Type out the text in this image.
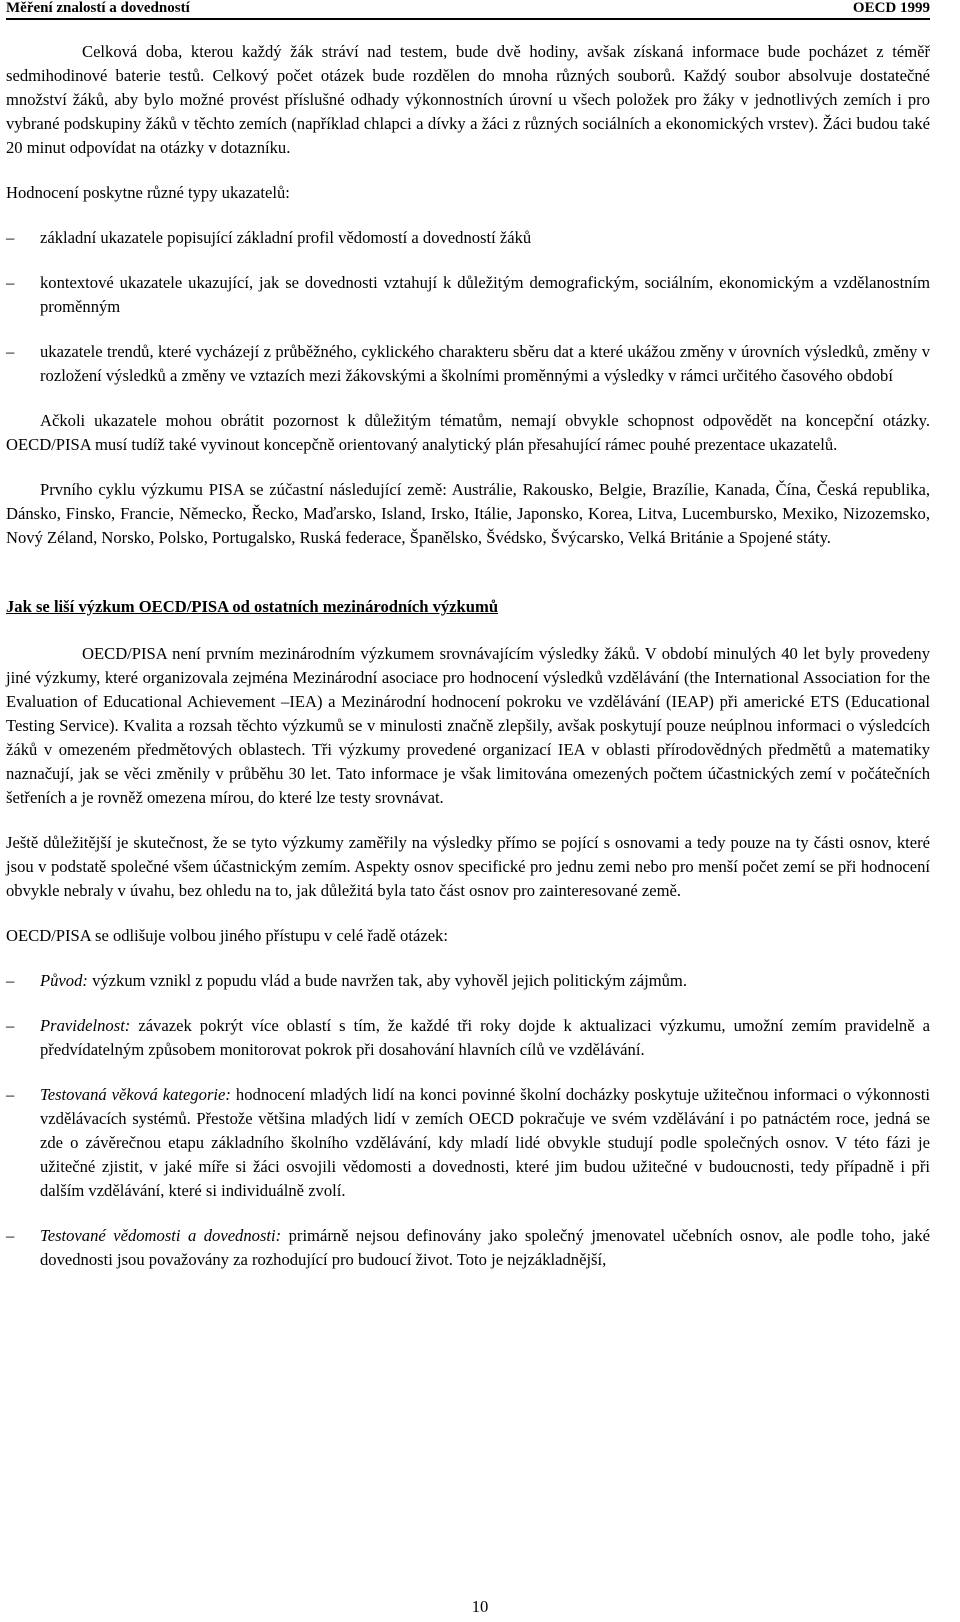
Měření znalostí a dovedností	OECD 1999

Celková doba, kterou každý žák stráví nad testem, bude dvě hodiny, avšak získaná informace bude pocházet z téměř sedmihodinové baterie testů. Celkový počet otázek bude rozdělen do mnoha různých souborů. Každý soubor absolvuje dostatečné množství žáků, aby bylo možné provést příslušné odhady výkonnostních úrovní u všech položek pro žáky v jednotlivých zemích i pro vybrané podskupiny žáků v těchto zemích (například chlapci a dívky a žáci z různých sociálních a ekonomických vrstev). Žáci budou také 20 minut odpovídat na otázky v dotazníku.

Hodnocení poskytne různé typy ukazatelů:

–	základní ukazatele popisující základní profil vědomostí a dovedností žáků
–	kontextové ukazatele ukazující, jak se dovednosti vztahují k důležitým demografickým, sociálním, ekonomickým a vzdělanostním proměnným
–	ukazatele trendů, které vycházejí z průběžného, cyklického charakteru sběru dat a které ukážou změny v úrovních výsledků, změny v rozložení výsledků a změny ve vztazích mezi žákovskými a školními proměnnými a výsledky v rámci určitého časového období

Ačkoli ukazatele mohou obrátit pozornost k důležitým tématům, nemají obvykle schopnost odpovědět na koncepční otázky. OECD/PISA musí tudíž také vyvinout koncepčně orientovaný analytický plán přesahující rámec pouhé prezentace ukazatelů.

Prvního cyklu výzkumu PISA se zúčastní následující země: Austrálie, Rakousko, Belgie, Brazílie, Kanada, Čína, Česká republika, Dánsko, Finsko, Francie, Německo, Řecko, Maďarsko, Island, Irsko, Itálie, Japonsko, Korea, Litva, Lucembursko, Mexiko, Nizozemsko, Nový Zéland, Norsko, Polsko, Portugalsko, Ruská federace, Španělsko, Švédsko, Švýcarsko, Velká Británie a Spojené státy.

Jak se liší výzkum OECD/PISA od ostatních mezinárodních výzkumů

OECD/PISA není prvním mezinárodním výzkumem srovnávajícím výsledky žáků. V období minulých 40 let byly provedeny jiné výzkumy, které organizovala zejména Mezinárodní asociace pro hodnocení výsledků vzdělávání (the International Association for the Evaluation of Educational Achievement –IEA) a Mezinárodní hodnocení pokroku ve vzdělávání (IEAP) při americké ETS (Educational Testing Service). Kvalita a rozsah těchto výzkumů se v minulosti značně zlepšily, avšak poskytují pouze neúplnou informaci o výsledcích žáků v omezeném předmětových oblastech. Tři výzkumy provedené organizací IEA v oblasti přírodovědných předmětů a matematiky naznačují, jak se věci změnily v průběhu 30 let. Tato informace je však limitována omezených počtem účastnických zemí v počátečních šetřeních a je rovněž omezena mírou, do které lze testy srovnávat.

Ještě důležitější je skutečnost, že se tyto výzkumy zaměřily na výsledky přímo se pojící s osnovami a tedy pouze na ty části osnov, které jsou v podstatě společné všem účastnickým zemím. Aspekty osnov specifické pro jednu zemi nebo pro menší počet zemí se při hodnocení obvykle nebraly v úvahu, bez ohledu na to, jak důležitá byla tato část osnov pro zainteresované země.

OECD/PISA se odlišuje volbou jiného přístupu v celé řadě otázek:

–	Původ: výzkum vznikl z popudu vlád a bude navržen tak, aby vyhověl jejich politickým zájmům.
–	Pravidelnost: závazek pokrýt více oblastí s tím, že každé tři roky dojde k aktualizaci výzkumu, umožní zemím pravidelně a předvídatelným způsobem monitorovat pokrok při dosahování hlavních cílů ve vzdělávání.
–	Testovaná věková kategorie: hodnocení mladých lidí na konci povinné školní docházky poskytuje užitečnou informaci o výkonnosti vzdělávacích systémů. Přestože většina mladých lidí v zemích OECD pokračuje ve svém vzdělávání i po patnáctém roce, jedná se zde o závěrečnou etapu základního školního vzdělávání, kdy mladí lidé obvykle studují podle společných osnov. V této fázi je užitečné zjistit, v jaké míře si žáci osvojili vědomosti a dovednosti, které jim budou užitečné v budoucnosti, tedy případně i při dalším vzdělávání, které si individuálně zvolí.
–	Testované vědomosti a dovednosti: primárně nejsou definovány jako společný jmenovatel učebních osnov, ale podle toho, jaké dovednosti jsou považovány za rozhodující pro budoucí život. Toto je nejzákladnější,
10
